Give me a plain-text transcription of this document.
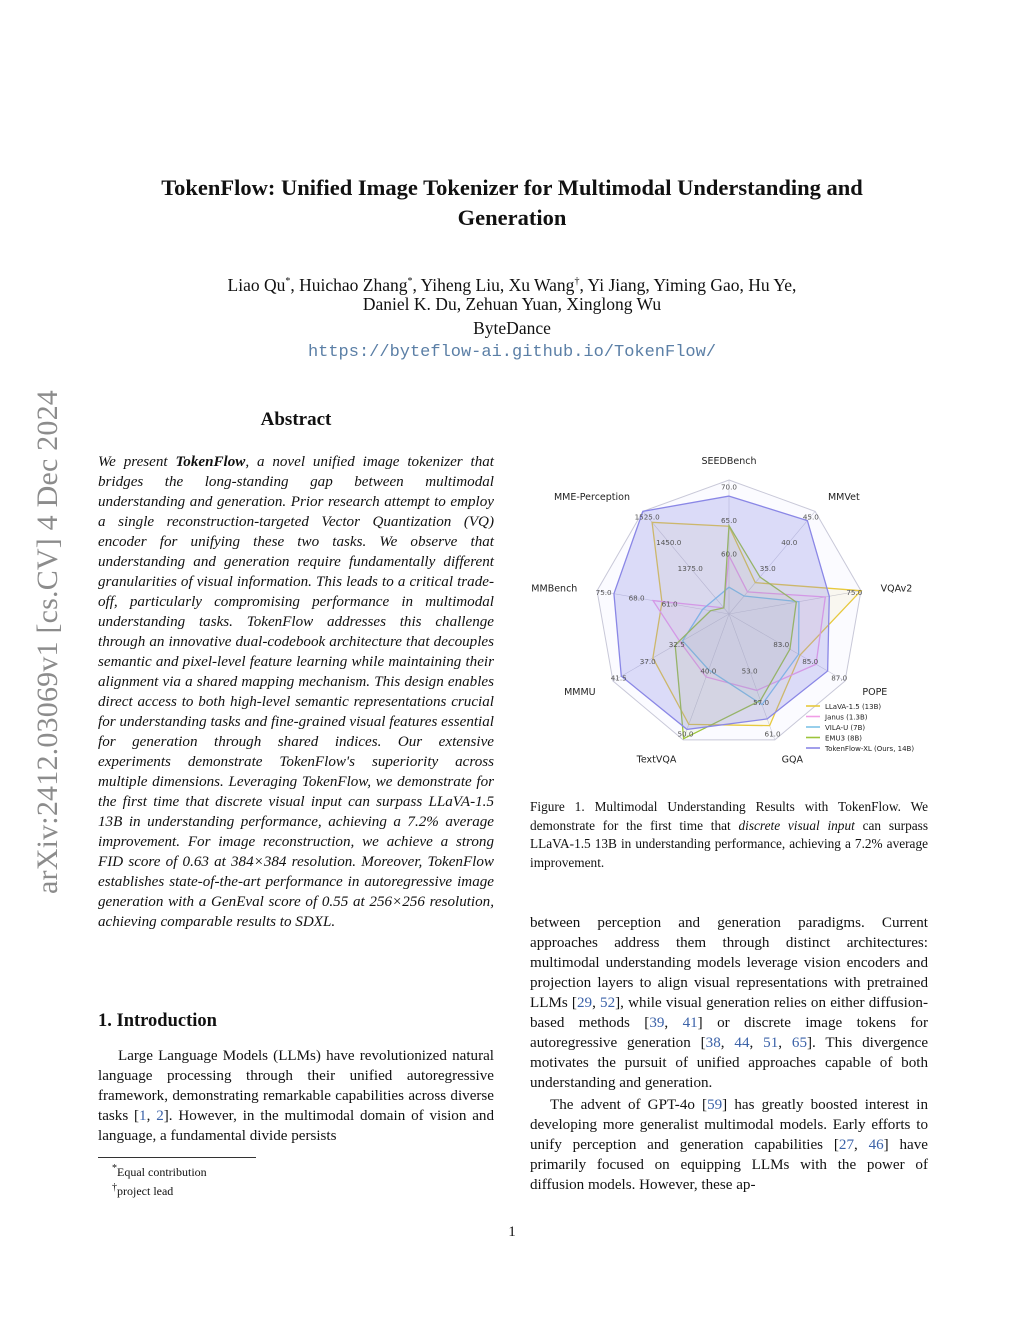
arXiv:2412.03069v1 [cs.CV] 4 Dec 2024
TokenFlow: Unified Image Tokenizer for Multimodal Understanding and
Generation
Liao Qu*, Huichao Zhang*, Yiheng Liu, Xu Wang†, Yi Jiang, Yiming Gao, Hu Ye,
Daniel K. Du, Zehuan Yuan, Xinglong Wu
ByteDance
https://byteflow-ai.github.io/TokenFlow/
Abstract
We present TokenFlow, a novel unified image tokenizer that bridges the long-standing gap between multimodal understanding and generation. Prior research attempt to employ a single reconstruction-targeted Vector Quantization (VQ) encoder for unifying these two tasks. We observe that understanding and generation require fundamentally different granularities of visual information. This leads to a critical trade-off, particularly compromising performance in multimodal understanding tasks. TokenFlow addresses this challenge through an innovative dual-codebook architecture that decouples semantic and pixel-level feature learning while maintaining their alignment via a shared mapping mechanism. This design enables direct access to both high-level semantic representations crucial for understanding tasks and fine-grained visual features essential for generation through shared indices. Our extensive experiments demonstrate TokenFlow's superiority across multiple dimensions. Leveraging TokenFlow, we demonstrate for the first time that discrete visual input can surpass LLaVA-1.5 13B in understanding performance, achieving a 7.2% average improvement. For image reconstruction, we achieve a strong FID score of 0.63 at 384×384 resolution. Moreover, TokenFlow establishes state-of-the-art performance in autoregressive image generation with a GenEval score of 0.55 at 256×256 resolution, achieving comparable results to SDXL.
1. Introduction
Large Language Models (LLMs) have revolutionized natural language processing through their unified autoregressive framework, demonstrating remarkable capabilities across diverse tasks [1, 2]. However, in the multimodal domain of vision and language, a fundamental divide persists
*Equal contribution
†project lead
60.0
65.0
70.0
35.0
40.0
45.0
75.0
83.0
85.0
87.0
53.0
57.0
61.0
40.0
50.0
32.5
37.0
41.5
61.0
68.0
75.0
1375.0
1450.0
1525.0
SEEDBench
MMVet
VQAv2
POPE
GQA
TextVQA
MMMU
MMBench
MME-Perception
LLaVA-1.5 (13B)
Janus (1.3B)
VILA-U (7B)
EMU3 (8B)
TokenFlow-XL (Ours, 14B)
Figure 1. Multimodal Understanding Results with TokenFlow. We demonstrate for the first time that discrete visual input can surpass LLaVA-1.5 13B in understanding performance, achieving a 7.2% average improvement.

between perception and generation paradigms. Current approaches address them through distinct architectures: multimodal understanding models leverage vision encoders and projection layers to align visual representations with pretrained LLMs [29, 52], while visual generation relies on either diffusion-based methods [39, 41] or discrete image tokens for autoregressive generation [38, 44, 51, 65]. This divergence motivates the pursuit of unified approaches capable of both understanding and generation.

The advent of GPT-4o [59] has greatly boosted interest in developing more generalist multimodal models. Early efforts to unify perception and generation capabilities [27, 46] have primarily focused on equipping LLMs with the power of diffusion models. However, these ap-

1
